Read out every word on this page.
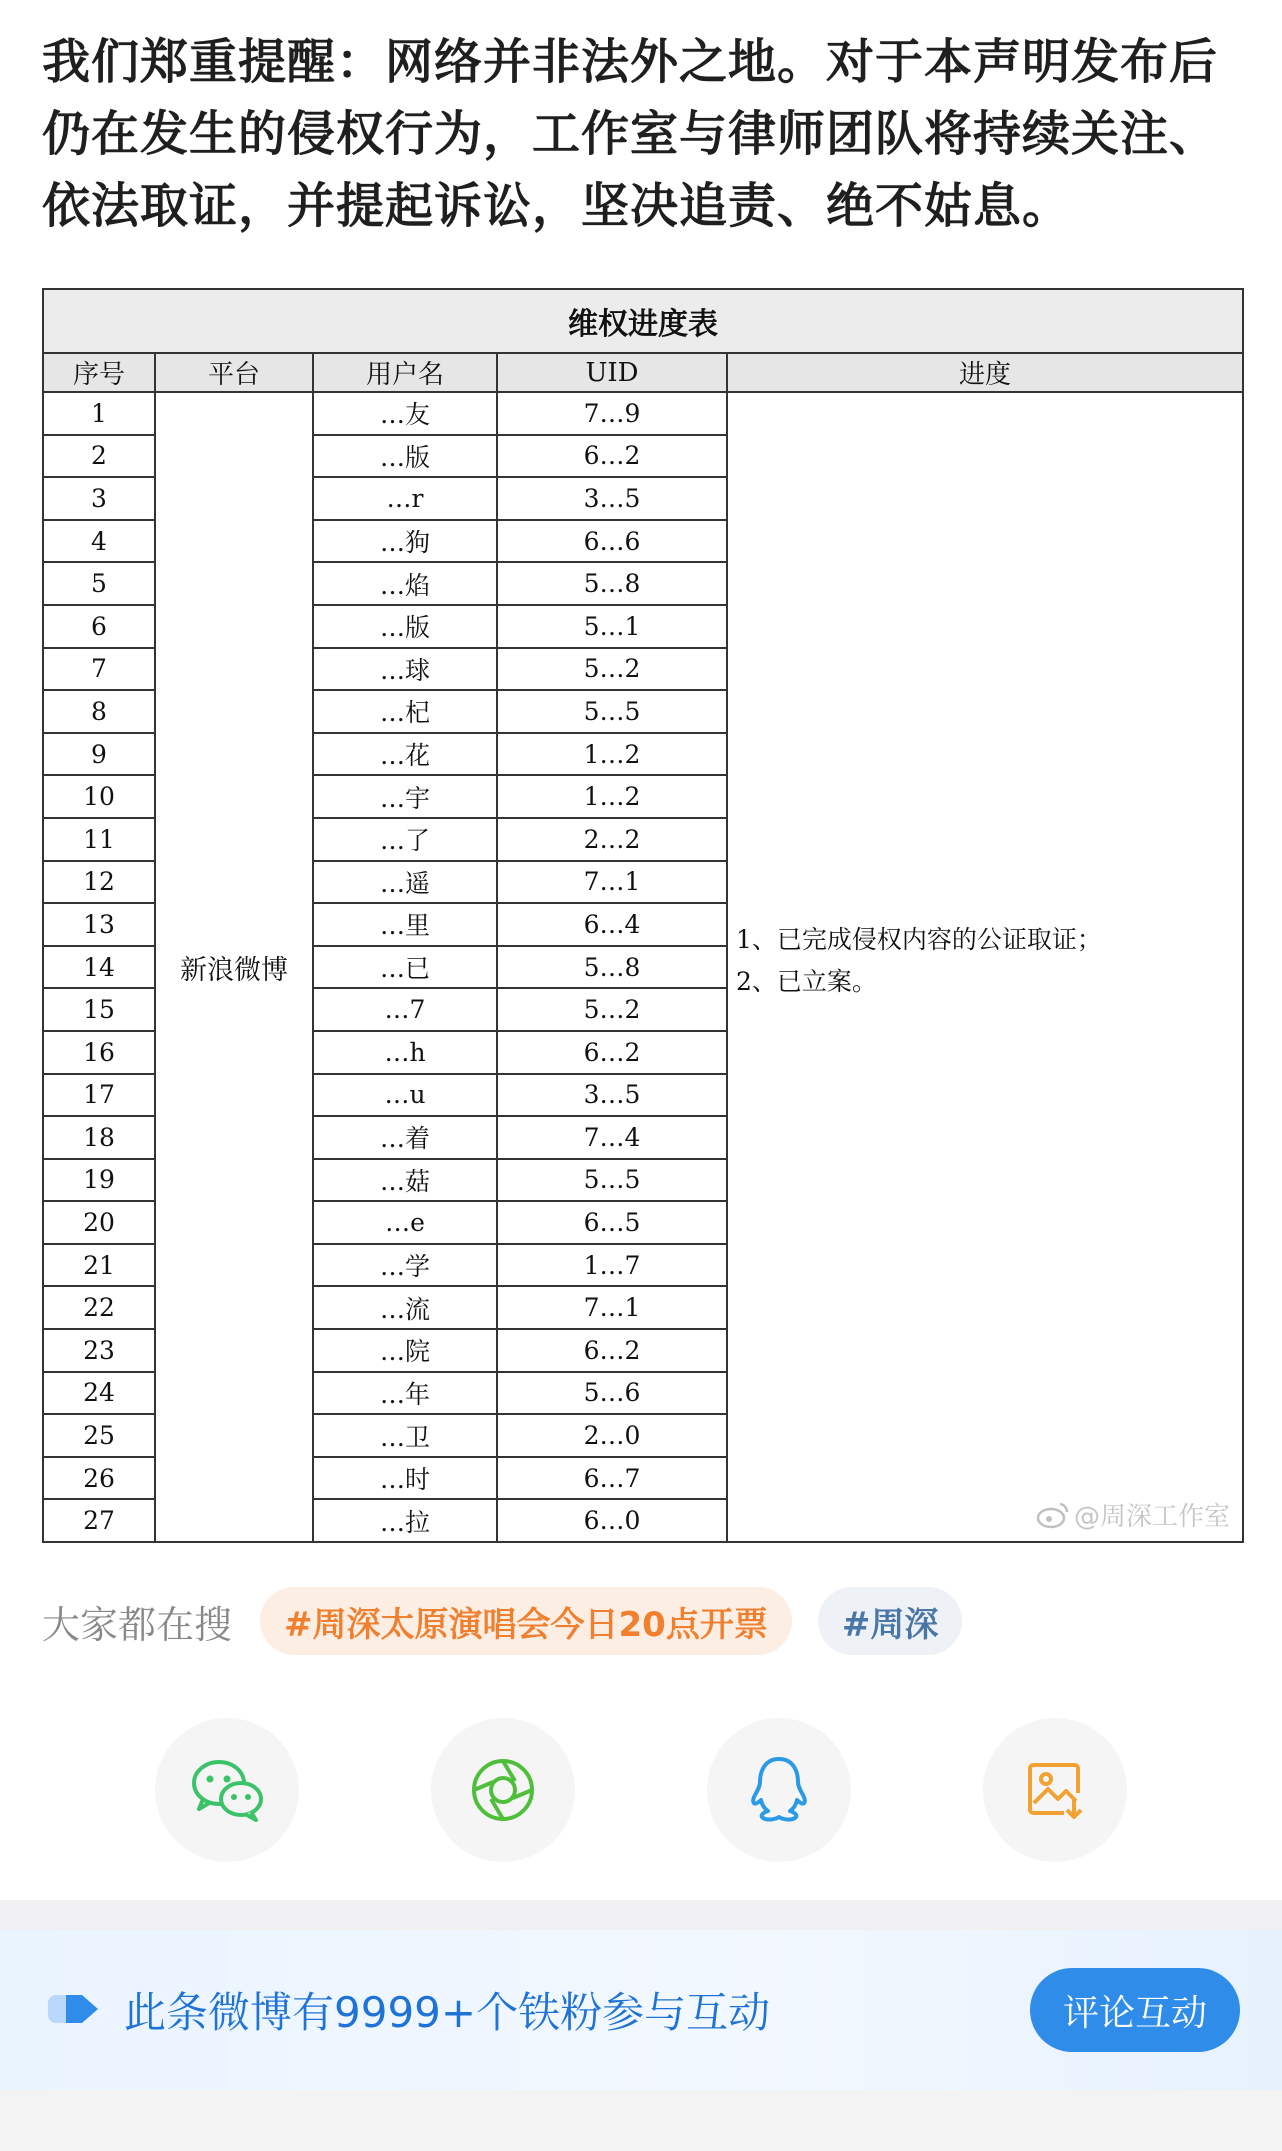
我们郑重提醒：网络并非法外之地。对于本声明发布后仍在发生的侵权行为，工作室与律师团队将持续关注、依法取证，并提起诉讼，坚决追责、绝不姑息。
维权进度表				
序号	平台	用户名	UID	进度
1	新浪微博	…友	7…9	1、已完成侵权内容的公证取证；
2、已立案。
@周深工作室

2		…版	6…2	
3		…r	3…5	
4		…狗	6…6	
5		…焰	5…8	
6		…版	5…1	
7		…球	5…2	
8		…杞	5…5	
9		…花	1…2	
10		…宇	1…2	
11		…了	2…2	
12		…遥	7…1	
13		…里	6…4	
14		…已	5…8	
15		…7	5…2	
16		…h	6…2	
17		…u	3…5	
18		…着	7…4	
19		…菇	5…5	
20		…e	6…5	
21		…学	1…7	
22		…流	7…1	
23		…院	6…2	
24		…年	5…6	
25		…卫	2…0	
26		…时	6…7	
27		…拉	6…0	
大家都在搜	#周深太原演唱会今日20点开票	#周深
此条微博有9999+个铁粉参与互动	评论互动
